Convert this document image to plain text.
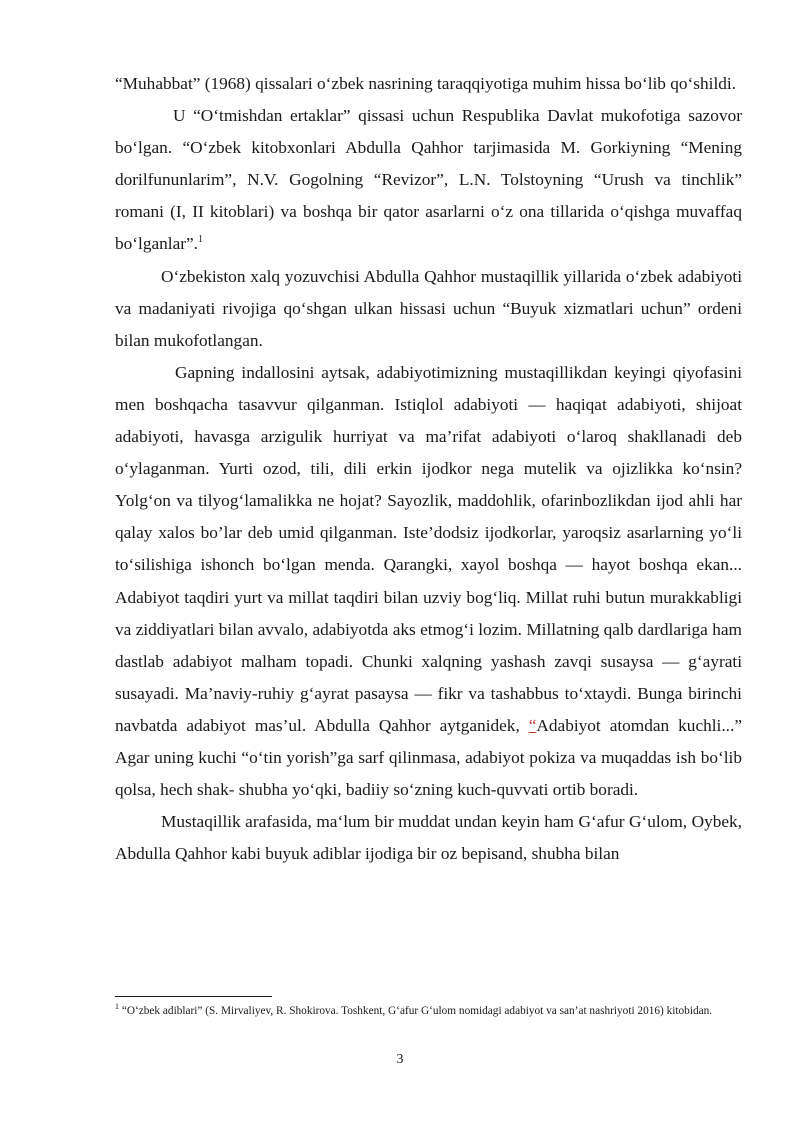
“Muhabbat” (1968) qissalari o‘zbek nasrining taraqqiyotiga muhim hissa bo‘lib qo‘shildi.

U “O‘tmishdan ertaklar” qissasi uchun Respublika Davlat mukofotiga sazovor bo‘lgan. “O‘zbek kitobxonlari Abdulla Qahhor tarjimasida M. Gorkiyning “Mening dorilfununlarim”, N.V. Gogolning “Revizor”, L.N. Tolstoyning “Urush va tinchlik” romani (I, II kitoblari) va boshqa bir qator asarlarni o‘z ona tillarida o‘qishga muvaffaq bo‘lganlar”.$^1$

O‘zbekiston xalq yozuvchisi Abdulla Qahhor mustaqillik yillarida o‘zbek adabiyoti va madaniyati rivojiga qo‘shgan ulkan hissasi uchun “Buyuk xizmatlari uchun” ordeni bilan mukofotlangan.

Gapning indallosini aytsak, adabiyotimizning mustaqillikdan keyingi qiyofasini men boshqacha tasavvur qilganman. Istiqlol adabiyoti — haqiqat adabiyoti, shijoat adabiyoti, havasga arzigulik hurriyat va ma’rifat adabiyoti o‘laroq shakllanadi deb o‘ylaganman. Yurti ozod, tili, dili erkin ijodkor nega mutelik va ojizlikka ko‘nsin? Yolg‘on va tilyog‘lamalikka ne hojat? Sayozlik, maddohlik, ofarinbozlikdan ijod ahli har qalay xalos bo’lar deb umid qilganman. Iste’dodsiz ijodkorlar, yaroqsiz asarlarning yo‘li to‘silishiga ishonch bo‘lgan menda. Qarangki, xayol boshqa — hayot boshqa ekan... Adabiyot taqdiri yurt va millat taqdiri bilan uzviy bog‘liq. Millat ruhi butun murakkabligi va ziddiyatlari bilan avvalo, adabiyotda aks etmog‘i lozim. Millatning qalb dardlariga ham dastlab adabiyot malham topadi. Chunki xalqning yashash zavqi susaysa — g‘ayrati susayadi. Ma’naviy-ruhiy g‘ayrat pasaysa — fikr va tashabbus to‘xtaydi. Bunga birinchi navbatda adabiyot mas’ul. Abdulla Qahhor aytganidek, “Adabiyot atomdan kuchli...” Agar uning kuchi “o‘tin yorish”ga sarf qilinmasa, adabiyot pokiza va muqaddas ish bo‘lib qolsa, hech shak- shubha yo‘qki, badiiy so‘zning kuch-quvvati ortib boradi.

Mustaqillik arafasida, ma‘lum bir muddat undan keyin ham G‘afur G‘ulom, Oybek, Abdulla Qahhor kabi buyuk adiblar ijodiga bir oz bepisand, shubha bilan

$^1$ “O‘zbek adiblari” (S. Mirvaliyev, R. Shokirova. Toshkent, G‘afur G‘ulom nomidagi adabiyot va san’at nashriyoti 2016) kitobidan.
3
